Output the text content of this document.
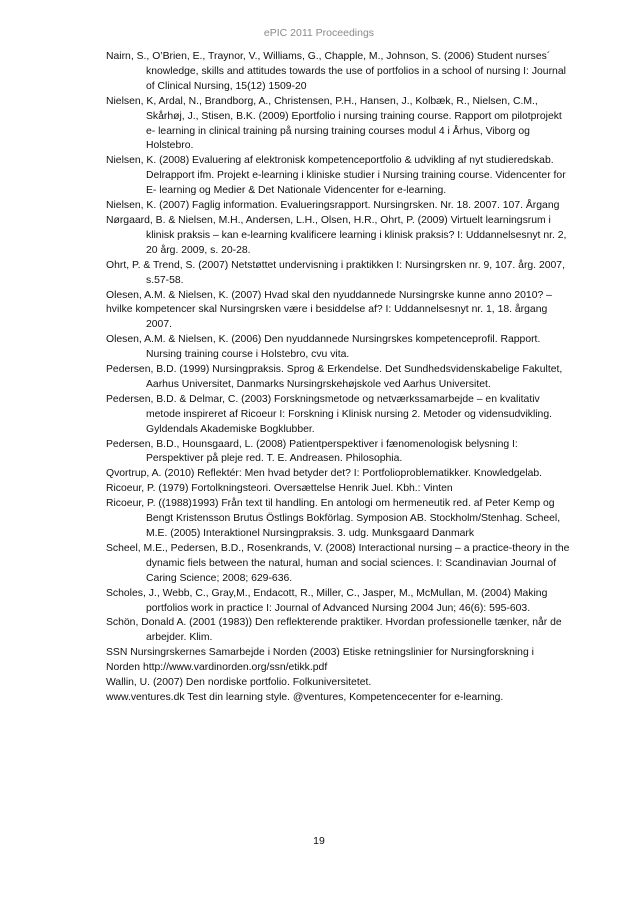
ePIC 2011 Proceedings

Nairn, S., O’Brien, E., Traynor, V., Williams, G., Chapple, M., Johnson, S. (2006) Student nurses´
knowledge, skills and attitudes towards the use of portfolios in a school of nursing I: Journal
of Clinical Nursing, 15(12) 1509-20

Nielsen, K, Ardal, N., Brandborg, A., Christensen, P.H., Hansen, J., Kolbæk, R., Nielsen, C.M.,
Skårhøj, J., Stisen, B.K. (2009) Eportfolio i nursing training course. Rapport om pilotprojekt
e- learning in clinical training på nursing training courses modul 4 i Århus, Viborg og
Holstebro.

Nielsen, K. (2008) Evaluering af elektronisk kompetenceportfolio & udvikling af nyt studieredskab.
Delrapport ifm. Projekt e-learning i kliniske studier i Nursing training course. Videncenter for
E- learning og Medier & Det Nationale Videncenter for e-learning.

Nielsen, K. (2007) Faglig information. Evalueringsrapport. Nursingrsken. Nr. 18. 2007. 107. Årgang

Nørgaard, B. & Nielsen, M.H., Andersen, L.H., Olsen, H.R., Ohrt, P. (2009) Virtuelt learningsrum i
klinisk praksis – kan e-learning kvalificere learning i klinisk praksis? I: Uddannelsesnyt nr. 2,
20 årg. 2009, s. 20-28.

Ohrt, P. & Trend, S. (2007) Netstøttet undervisning i praktikken I: Nursingrsken nr. 9, 107. årg. 2007,
s.57-58.

Olesen, A.M. & Nielsen, K. (2007) Hvad skal den nyuddannede Nursingrske kunne anno 2010? –

hvilke kompetencer skal Nursingrsken være i besiddelse af? I: Uddannelsesnyt nr. 1, 18. årgang
2007.

Olesen, A.M. & Nielsen, K. (2006) Den nyuddannede Nursingrskes kompetenceprofil. Rapport.
Nursing training course i Holstebro, cvu vita.

Pedersen, B.D. (1999) Nursingpraksis. Sprog & Erkendelse. Det Sundhedsvidenskabelige Fakultet,
Aarhus Universitet, Danmarks Nursingrskehøjskole ved Aarhus Universitet.

Pedersen, B.D. & Delmar, C. (2003) Forskningsmetode og netværkssamarbejde – en kvalitativ
metode inspireret af Ricoeur I: Forskning i Klinisk nursing 2. Metoder og vidensudvikling.
Gyldendals Akademiske Bogklubber.

Pedersen, B.D., Hounsgaard, L. (2008) Patientperspektiver i fænomenologisk belysning I:
Perspektiver på pleje red. T. E. Andreasen. Philosophia.

Qvortrup, A. (2010) Reflektér: Men hvad betyder det? I: Portfolioproblematikker. Knowledgelab.

Ricoeur, P. (1979) Fortolkningsteori. Oversættelse Henrik Juel. Kbh.: Vinten

Ricoeur, P. ((1988)1993) Från text til handling. En antologi om hermeneutik red. af Peter Kemp og
Bengt Kristensson Brutus Östlings Bokförlag. Symposion AB. Stockholm/Stenhag. Scheel,
M.E. (2005) Interaktionel Nursingpraksis. 3. udg. Munksgaard Danmark

Scheel, M.E., Pedersen, B.D., Rosenkrands, V. (2008) Interactional nursing – a practice-theory in the
dynamic fiels between the natural, human and social sciences. I: Scandinavian Journal of
Caring Science; 2008; 629-636.

Scholes, J., Webb, C., Gray,M., Endacott, R., Miller, C., Jasper, M., McMullan, M. (2004) Making
portfolios work in practice I: Journal of Advanced Nursing 2004 Jun; 46(6): 595-603.

Schön, Donald A. (2001 (1983)) Den reflekterende praktiker. Hvordan professionelle tænker, når de
arbejder. Klim.

SSN Nursingrskernes Samarbejde i Norden (2003) Etiske retningslinier for Nursingforskning i

Norden http://www.vardinorden.org/ssn/etikk.pdf

Wallin, U. (2007) Den nordiske portfolio. Folkuniversitetet.

www.ventures.dk Test din learning style. @ventures, Kompetencecenter for e-learning.

19
